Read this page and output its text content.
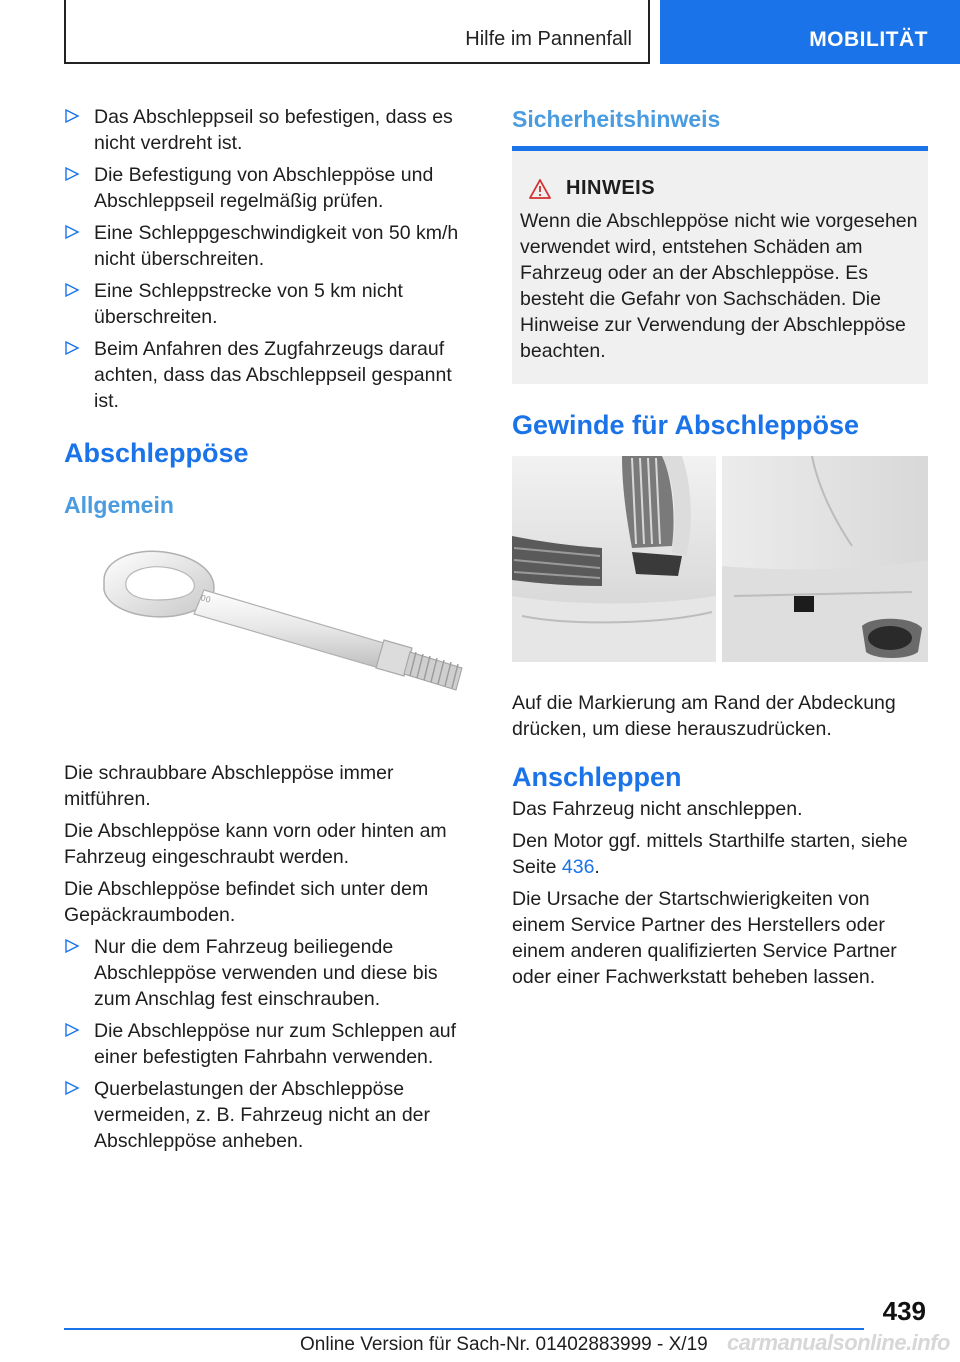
Hilfe im Pannenfall	MOBILITÄT
Das Abschleppseil so befestigen, dass es nicht verdreht ist.
Die Befestigung von Abschleppöse und Abschleppseil regelmäßig prüfen.
Eine Schleppgeschwindigkeit von 50 km/h nicht überschreiten.
Eine Schleppstrecke von 5 km nicht überschreiten.
Beim Anfahren des Zugfahrzeugs darauf achten, dass das Abschleppseil gespannt ist.
Abschleppöse
Allgemein
00

Die schraubbare Abschleppöse immer mitführen.

Die Abschleppöse kann vorn oder hinten am Fahrzeug eingeschraubt werden.

Die Abschleppöse befindet sich unter dem Gepäckraumboden.

Nur die dem Fahrzeug beiliegende Abschleppöse verwenden und diese bis zum Anschlag fest einschrauben.
Die Abschleppöse nur zum Schleppen auf einer befestigten Fahrbahn verwenden.
Querbelastungen der Abschleppöse vermeiden, z. B. Fahrzeug nicht an der Abschleppöse anheben.
Sicherheitshinweis
HINWEIS
Wenn die Abschleppöse nicht wie vorgesehen verwendet wird, entstehen Schäden am Fahrzeug oder an der Abschleppöse. Es besteht die Gefahr von Sachschäden. Die Hinweise zur Verwendung der Abschleppöse beachten.
Gewinde für Abschleppöse

Auf die Markierung am Rand der Abdeckung drücken, um diese herauszudrücken.

Anschleppen

Das Fahrzeug nicht anschleppen.

Den Motor ggf. mittels Starthilfe starten, siehe Seite 436.

Die Ursache der Startschwierigkeiten von einem Service Partner des Herstellers oder einem anderen qualifizierten Service Partner oder einer Fachwerkstatt beheben lassen.

439
Online Version für Sach-Nr. 01402883999 - X/19 carmanualsonline.info
